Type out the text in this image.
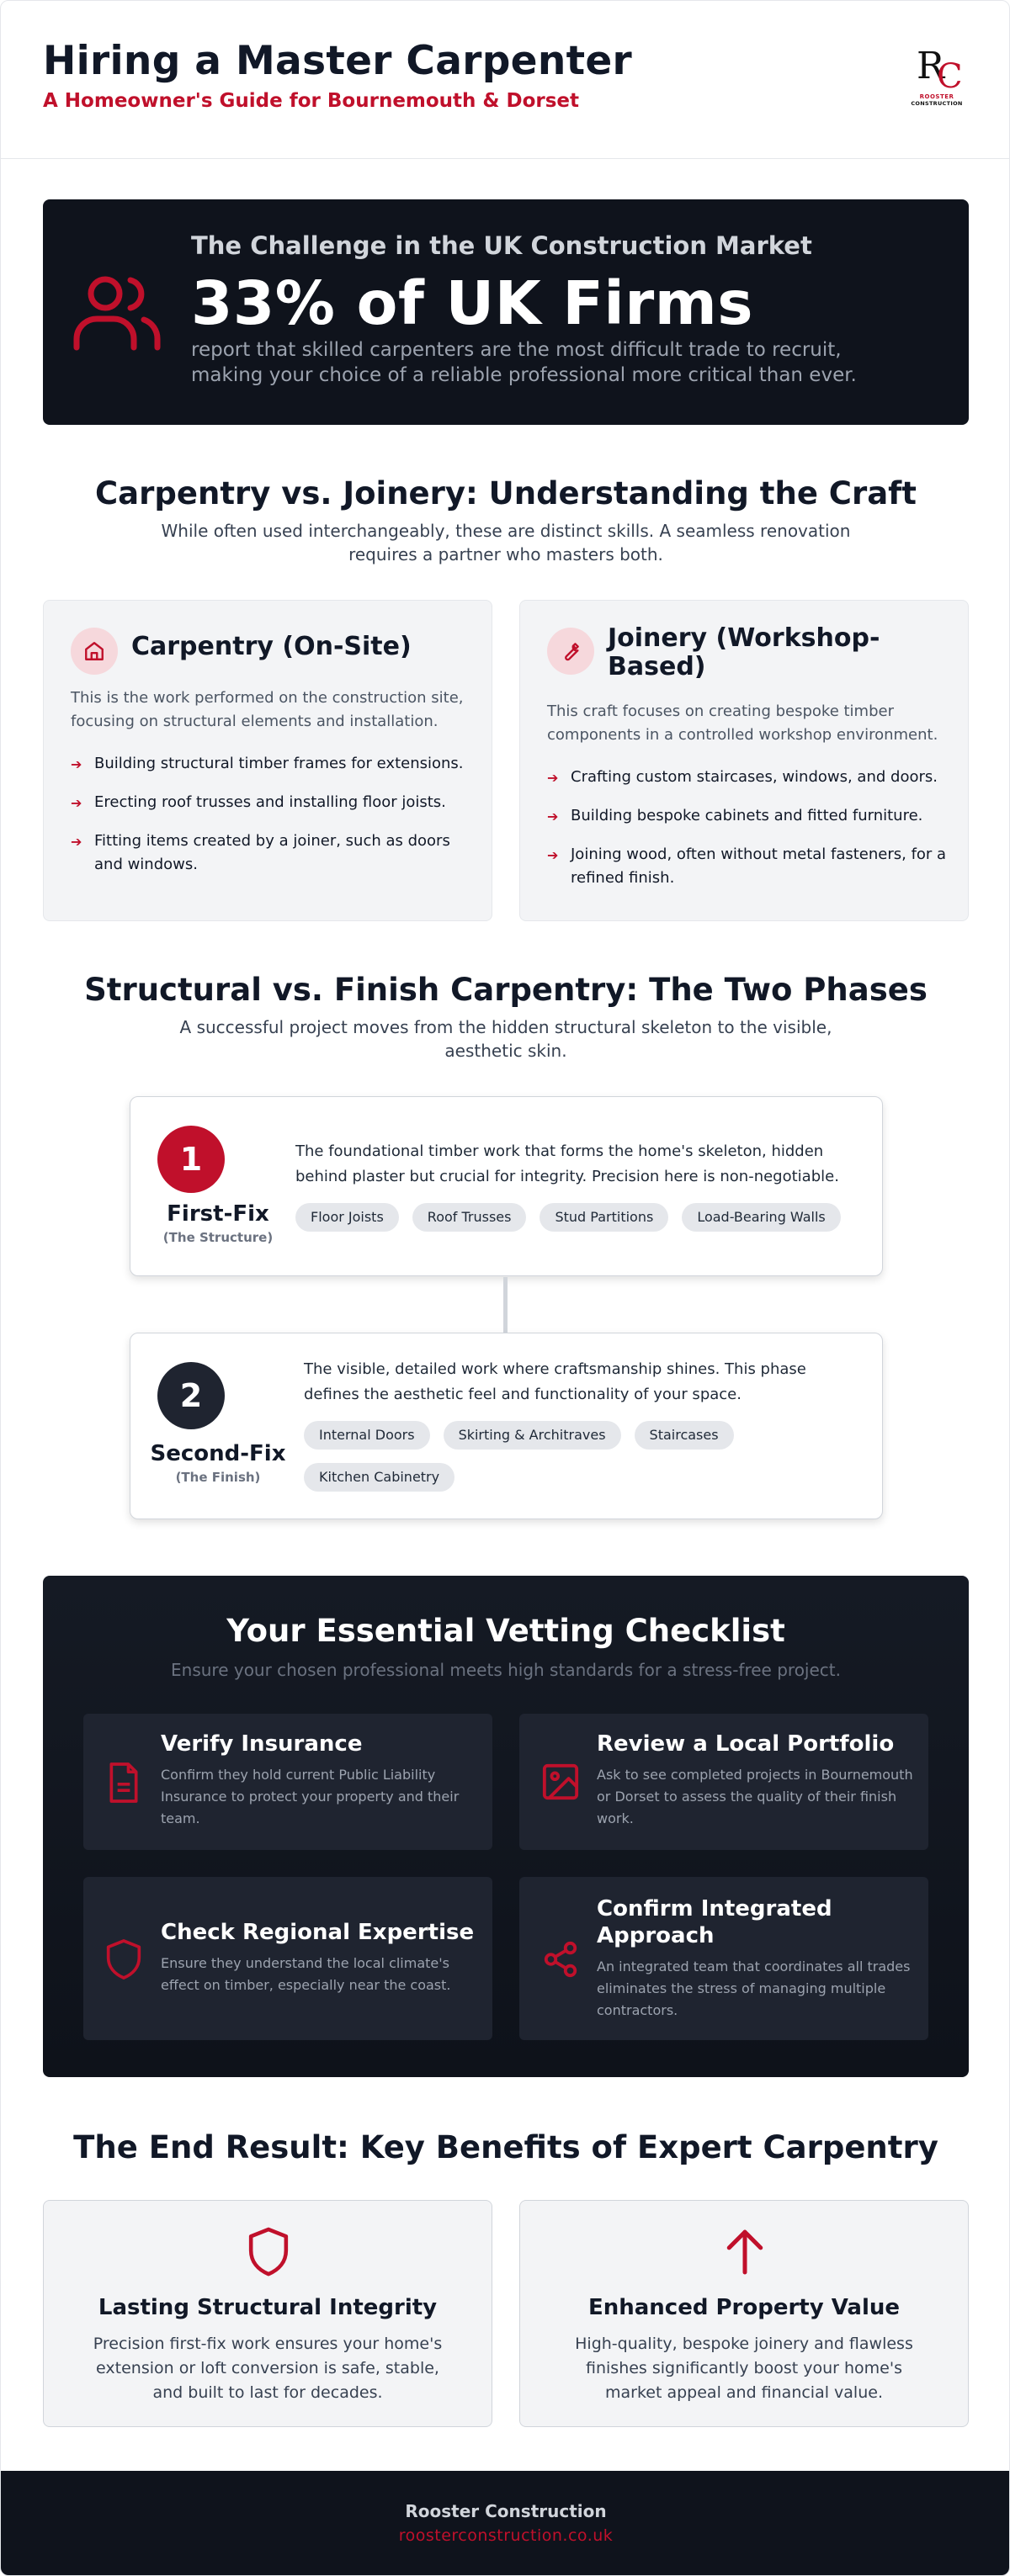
Hiring a Master Carpenter
A Homeowner's Guide for Bournemouth & Dorset
R
C
ROOSTER
CONSTRUCTION
The Challenge in the UK Construction Market
33% of UK Firms
report that skilled carpenters are the most difficult trade to recruit, making your choice of a reliable professional more critical than ever.
Carpentry vs. Joinery: Understanding the Craft
While often used interchangeably, these are distinct skills. A seamless renovation requires a partner who masters both.
Carpentry (On-Site)
This is the work performed on the construction site, focusing on structural elements and installation.
➔ Building structural timber frames for extensions.
➔ Erecting roof trusses and installing floor joists.
➔ Fitting items created by a joiner, such as doors and windows.
Joinery (Workshop-Based)
This craft focuses on creating bespoke timber components in a controlled workshop environment.
➔ Crafting custom staircases, windows, and doors.
➔ Building bespoke cabinets and fitted furniture.
➔ Joining wood, often without metal fasteners, for a refined finish.
Structural vs. Finish Carpentry: The Two Phases
A successful project moves from the hidden structural skeleton to the visible, aesthetic skin.
1
First-Fix
(The Structure)
The foundational timber work that forms the home's skeleton, hidden behind plaster but crucial for integrity. Precision here is non-negotiable.
Floor Joists	Roof Trusses	Stud Partitions	Load-Bearing Walls
2
Second-Fix
(The Finish)
The visible, detailed work where craftsmanship shines. This phase defines the aesthetic feel and functionality of your space.
Internal Doors	Skirting & Architraves	Staircases
Kitchen Cabinetry
Your Essential Vetting Checklist
Ensure your chosen professional meets high standards for a stress-free project.
Verify Insurance
Confirm they hold current Public Liability Insurance to protect your property and their team.
Review a Local Portfolio
Ask to see completed projects in Bournemouth or Dorset to assess the quality of their finish work.
Check Regional Expertise
Ensure they understand the local climate's effect on timber, especially near the coast.
Confirm Integrated Approach
An integrated team that coordinates all trades eliminates the stress of managing multiple contractors.
The End Result: Key Benefits of Expert Carpentry
Lasting Structural Integrity
Precision first-fix work ensures your home's extension or loft conversion is safe, stable, and built to last for decades.
Enhanced Property Value
High-quality, bespoke joinery and flawless finishes significantly boost your home's market appeal and financial value.
Rooster Construction
roosterconstruction.co.uk
